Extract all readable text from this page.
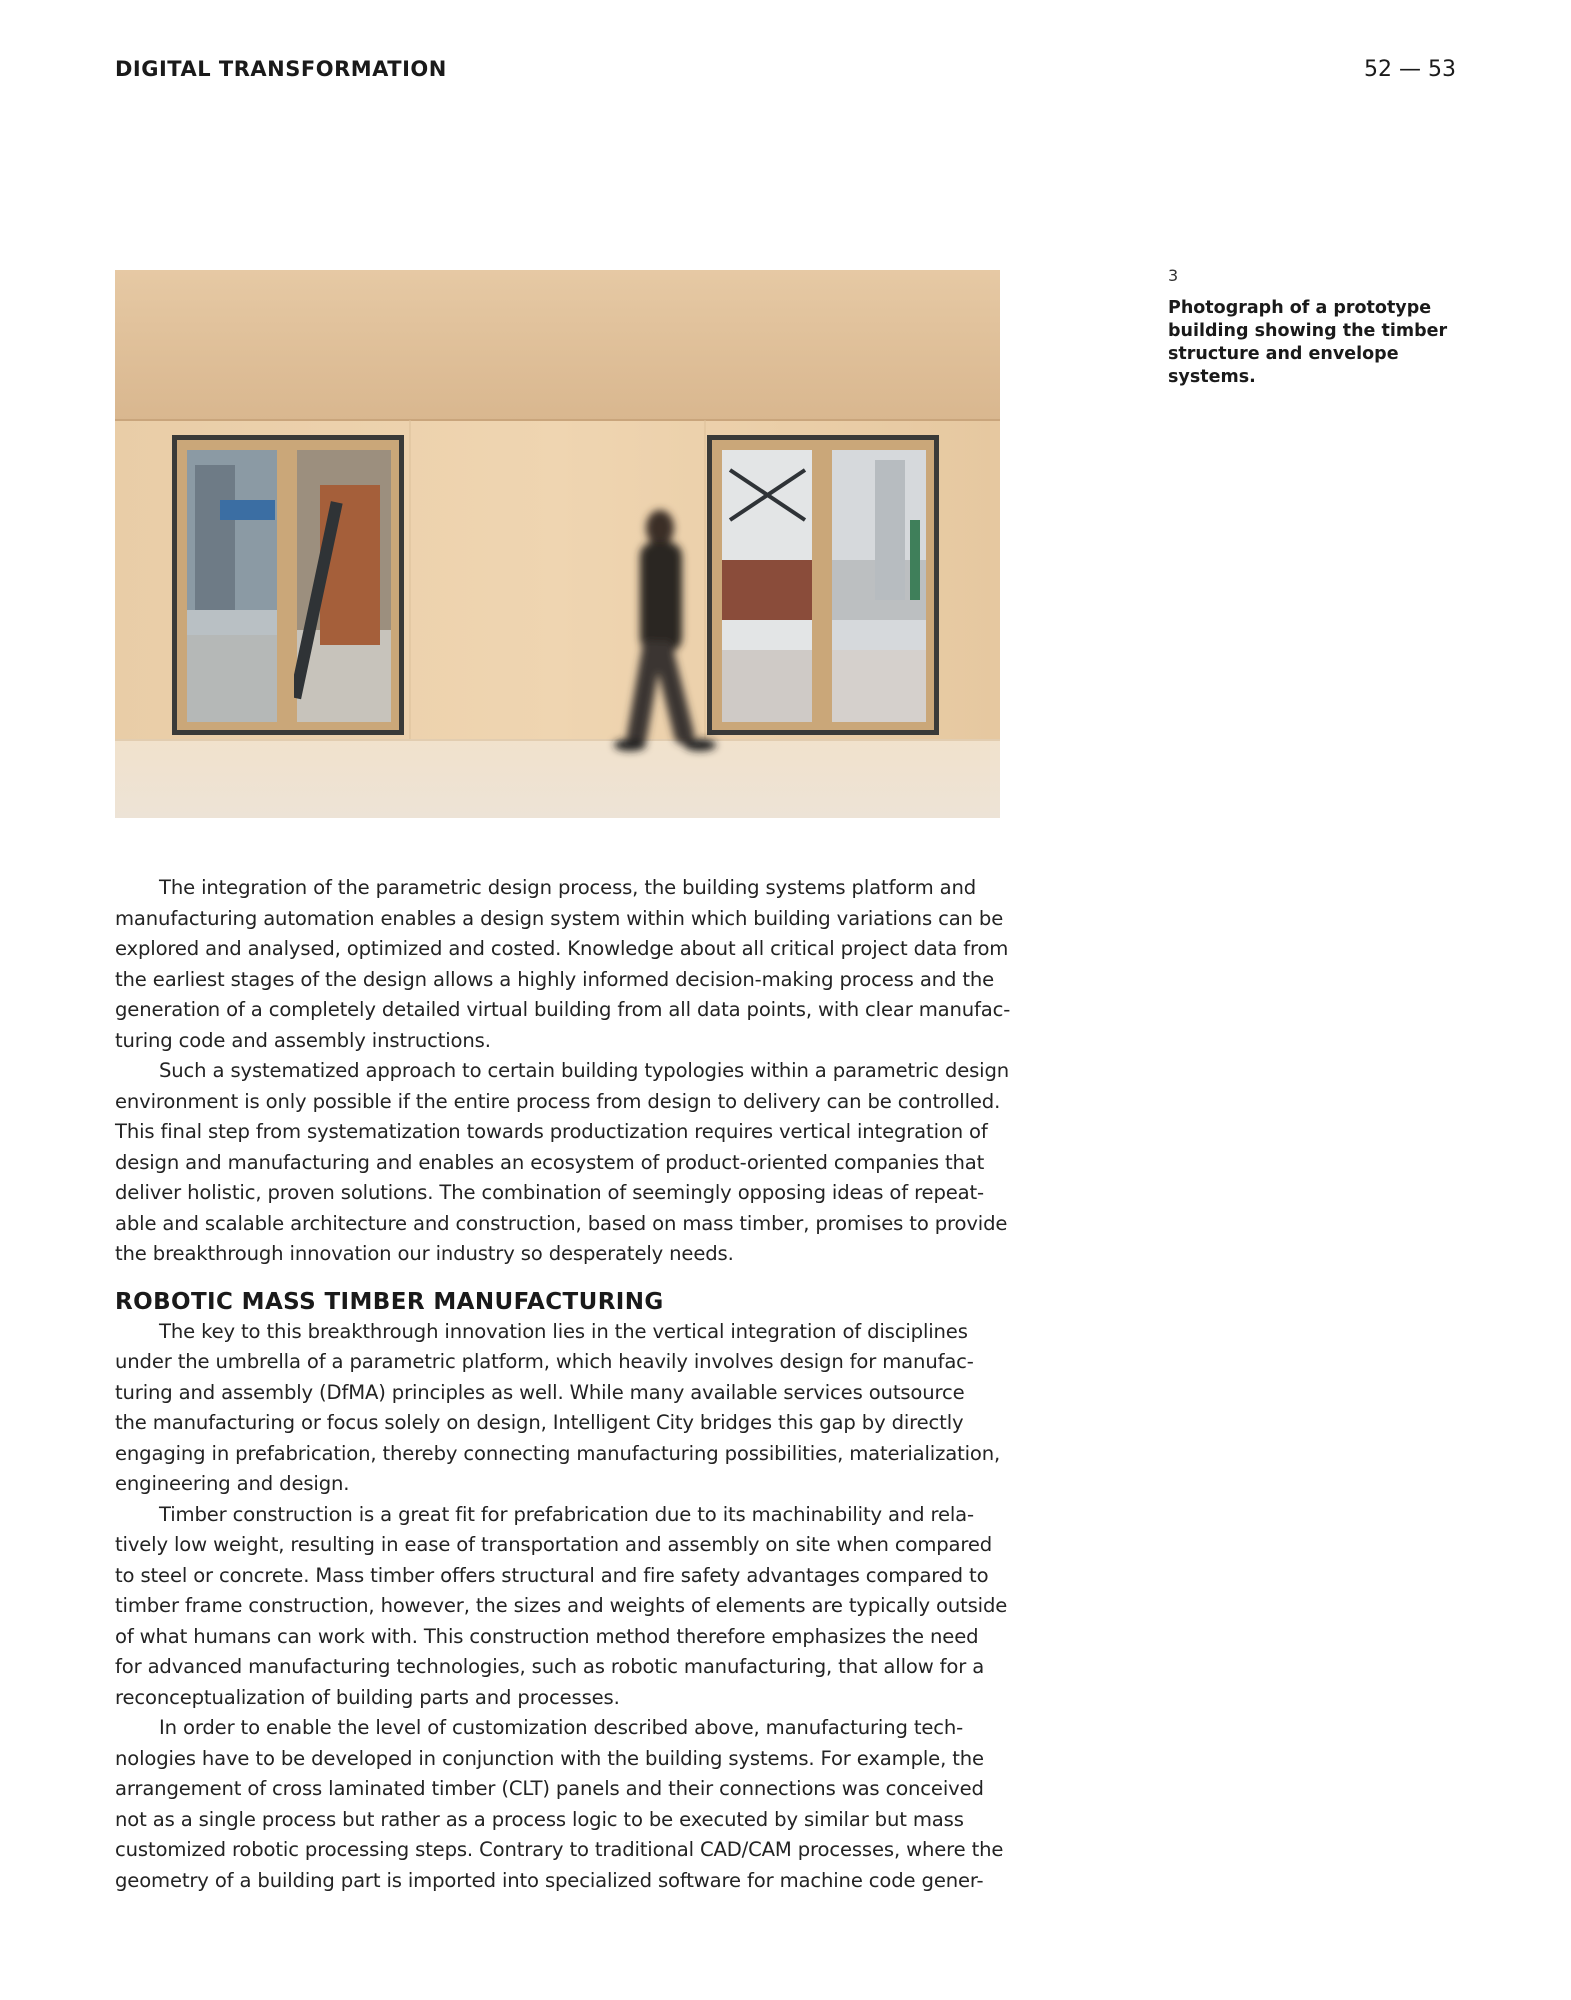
DIGITAL TRANSFORMATION	52 — 53
3
Photograph of a prototype building showing the timber structure and envelope systems.

The integration of the parametric design process, the building systems platform and
manufacturing automation enables a design system within which building variations can be
explored and analysed, optimized and costed. Knowledge about all critical project data from
the earliest stages of the design allows a highly informed decision-making process and the
generation of a completely detailed virtual building from all data points, with clear manufac-
turing code and assembly instructions.

Such a systematized approach to certain building typologies within a parametric design
environment is only possible if the entire process from design to delivery can be controlled.
This final step from systematization towards productization requires vertical integration of
design and manufacturing and enables an ecosystem of product-oriented companies that
deliver holistic, proven solutions. The combination of seemingly opposing ideas of repeat-
able and scalable architecture and construction, based on mass timber, promises to provide
the breakthrough innovation our industry so desperately needs.

ROBOTIC MASS TIMBER MANUFACTURING

The key to this breakthrough innovation lies in the vertical integration of disciplines
under the umbrella of a parametric platform, which heavily involves design for manufac-
turing and assembly (DfMA) principles as well. While many available services outsource
the manufacturing or focus solely on design, Intelligent City bridges this gap by directly
engaging in prefabrication, thereby connecting manufacturing possibilities, materialization,
engineering and design.

Timber construction is a great fit for prefabrication due to its machinability and rela-
tively low weight, resulting in ease of transportation and assembly on site when compared
to steel or concrete. Mass timber offers structural and fire safety advantages compared to
timber frame construction, however, the sizes and weights of elements are typically outside
of what humans can work with. This construction method therefore emphasizes the need
for advanced manufacturing technologies, such as robotic manufacturing, that allow for a
reconceptualization of building parts and processes.

In order to enable the level of customization described above, manufacturing tech-
nologies have to be developed in conjunction with the building systems. For example, the
arrangement of cross laminated timber (CLT) panels and their connections was conceived
not as a single process but rather as a process logic to be executed by similar but mass
customized robotic processing steps. Contrary to traditional CAD/CAM processes, where the
geometry of a building part is imported into specialized software for machine code gener-
